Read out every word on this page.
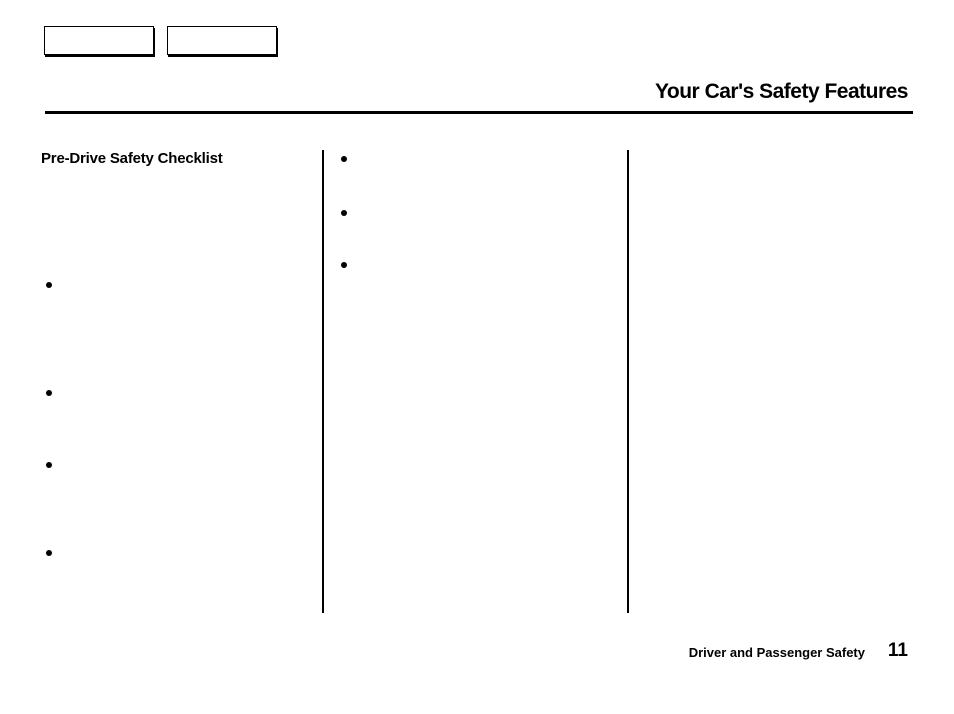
Your Car's Safety Features
Pre-Drive Safety Checklist
Driver and Passenger Safety 11
